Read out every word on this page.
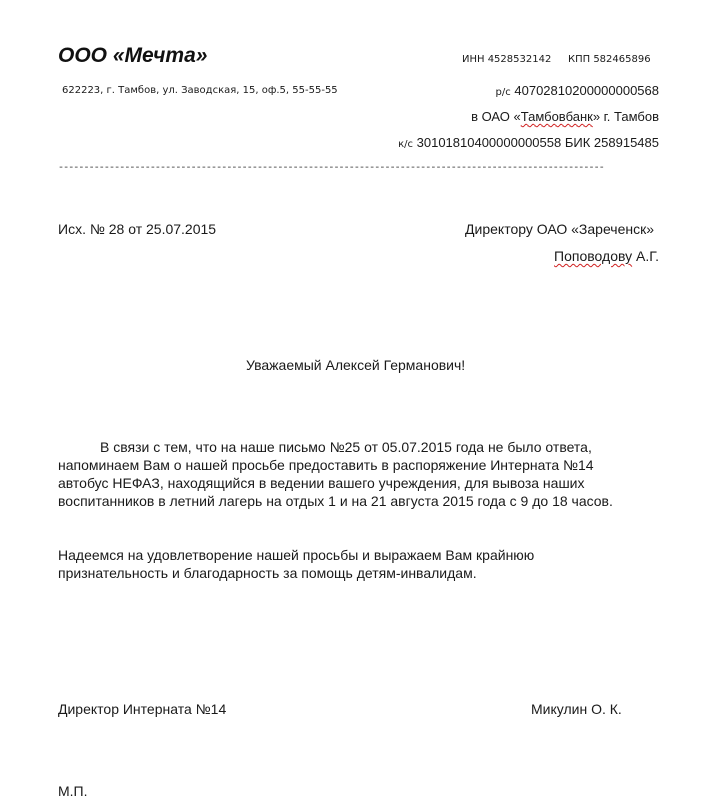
ООО «Мечта»	ИНН 4528532142 КПП 582465896
622223, г. Тамбов, ул. Заводская, 15, оф.5, 55-55-55	р/с 40702810200000000568
в ОАО «Тамбовбанк» г. Тамбов
к/с 30101810400000000558 БИК 258915485
-----------------------------------------------------------------------------------------------------------
Исх. № 28 от 25.07.2015	Директору ОАО «Зареченск»
Поповодову А.Г.
Уважаемый Алексей Германович!
В связи с тем, что на наше письмо №25 от 05.07.2015 года не было ответа,
напоминаем Вам о нашей просьбе предоставить в распоряжение Интерната №14
автобус НЕФАЗ, находящийся в ведении вашего учреждения, для вывоза наших
воспитанников в летний лагерь на отдых 1 и на 21 августа 2015 года с 9 до 18 часов.
Надеемся на удовлетворение нашей просьбы и выражаем Вам крайнюю
признательность и благодарность за помощь детям-инвалидам.
Директор Интерната №14	Микулин О. К.
М.П.
